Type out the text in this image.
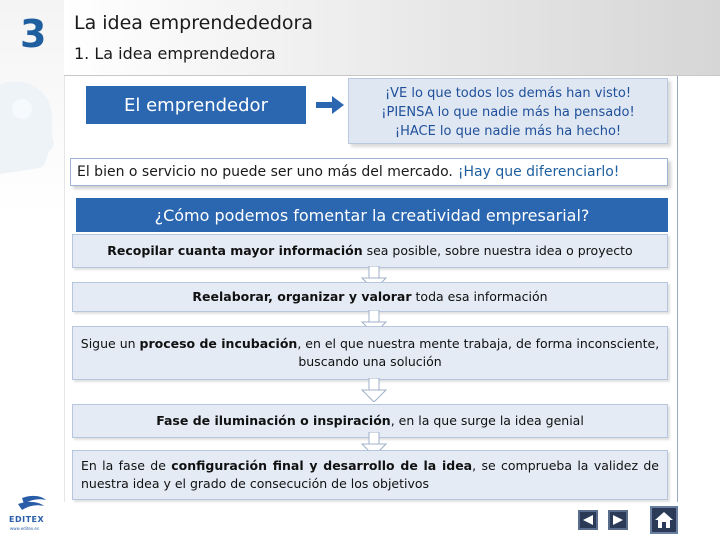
3
EDITEX
www.editex.es
La idea emprendededora
1. La idea emprendedora
El emprendedor
¡VE lo que todos los demás han visto!
¡PIENSA lo que nadie más ha pensado!
¡HACE lo que nadie más ha hecho!
El bien o servicio no puede ser uno más del mercado. ¡Hay que diferenciarlo!
¿Cómo podemos fomentar la creatividad empresarial?
Recopilar cuanta mayor información sea posible, sobre nuestra idea o proyecto
Reelaborar, organizar y valorar toda esa información
Sigue un proceso de incubación, en el que nuestra mente trabaja, de forma inconsciente, buscando una solución
Fase de iluminación o inspiración, en la que surge la idea genial
En la fase de configuración final y desarrollo de la idea, se comprueba la validez de nuestra idea y el grado de consecución de los objetivos
